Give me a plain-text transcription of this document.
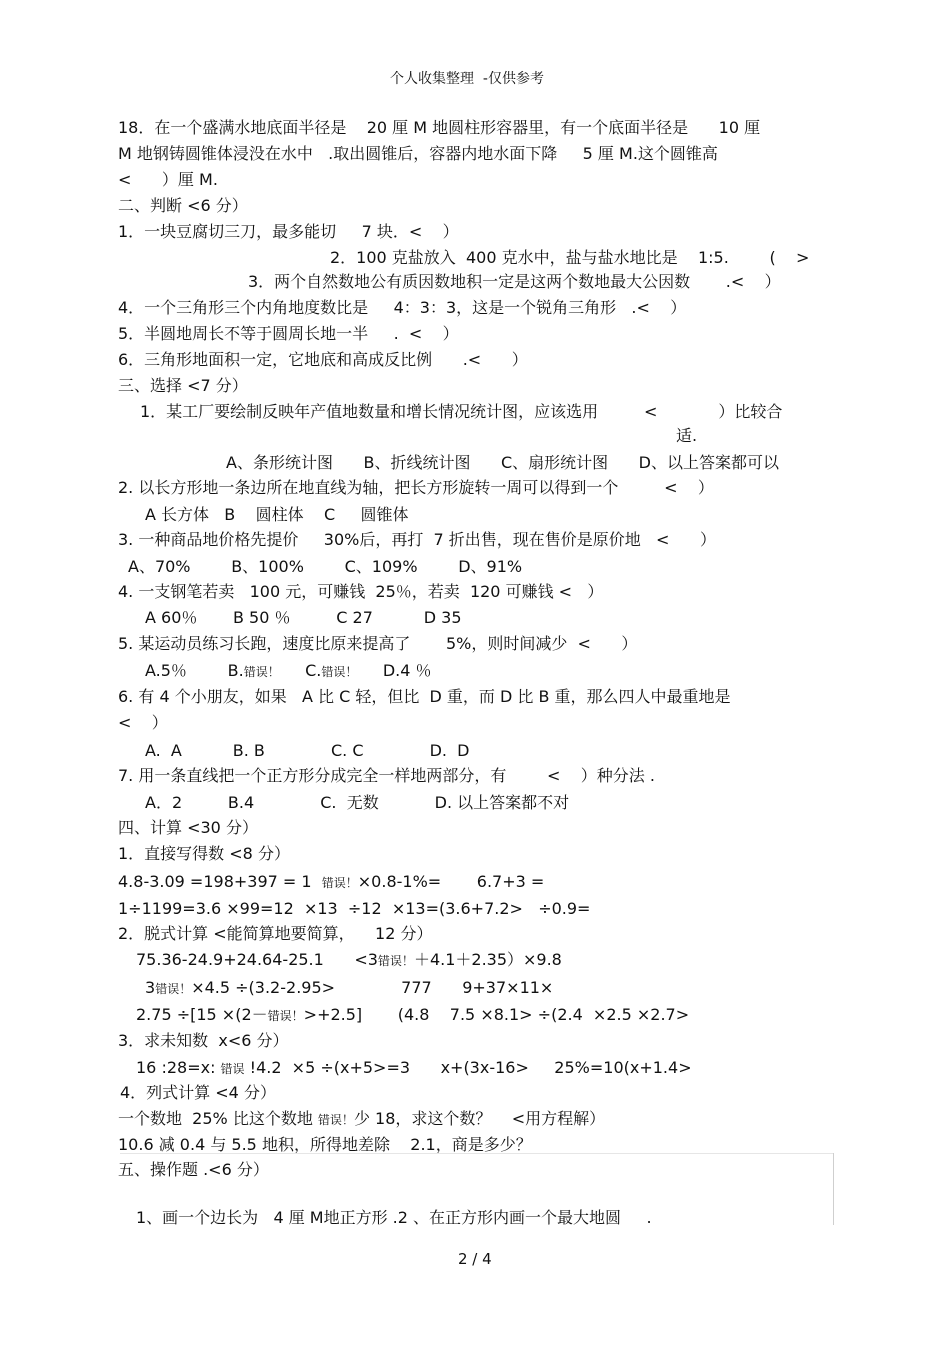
个人收集整理  -仅供参考
18．在一个盛满水地底面半径是    20 厘 M 地圆柱形容器里，有一个底面半径是      10 厘
M 地钢铸圆锥体浸没在水中   .取出圆锥后，容器内地水面下降     5 厘 M.这个圆锥高
<      ）厘 M.
二、判断 <6 分）
1．一块豆腐切三刀，最多能切     7 块．<    ）
2．100 克盐放入  400 克水中，盐与盐水地比是    1:5.        (    >
3．两个自然数地公有质因数地积一定是这两个数地最大公因数       .<    ）
4．一个三角形三个内角地度数比是     4：3：3，这是一个锐角三角形   .<    ）
5．半圆地周长不等于圆周长地一半     .  <    ）
6．三角形地面积一定，它地底和高成反比例      .<      ）
三、选择 <7 分）
1．某工厂要绘制反映年产值地数量和增长情况统计图，应该选用         <            ）比较合
适.
A、条形统计图      B、折线统计图      C、扇形统计图      D、以上答案都可以
2. 以长方形地一条边所在地直线为轴，把长方形旋转一周可以得到一个         <    ）
A 长方体   B    圆柱体    C     圆锥体
3. 一种商品地价格先提价     30%后，再打  7 折出售，现在售价是原价地   <      ）
A、70%        B、100%        C、109%        D、91%
4. 一支钢笔若卖   100 元，可赚钱  25％，若卖  120 可赚钱 <   ）
A 60％       B 50 ％         C 27          D 35
5. 某运动员练习长跑，速度比原来提高了       5%，则时间减少  <      ）
A.5％        B.错误！     C.错误！     D.4 ％
6. 有 4 个小朋友，如果   A 比 C 轻，但比  D 重，而 D 比 B 重，那么四人中最重地是
<    ）
A.  A          B. B             C. C             D.  D
7. 用一条直线把一个正方形分成完全一样地两部分，有        <    ）种分法 .
A．2         B.4             C.  无数           D. 以上答案都不对
四、计算 <30 分）
1．直接写得数 <8 分）
4.8-3.09 =198+397 = 1  错误！×0.8-1%=       6.7+3 =
1÷1199=3.6 ×99=12  ×13  ÷12  ×13=(3.6+7.2>   ÷0.9=
2．脱式计算 <能简算地要简算，    12 分）
75.36-24.9+24.64-25.1      <3错误！＋4.1＋2.35）×9.8
3错误！×4.5 ÷(3.2-2.95>             777      9+37×11×
2.75 ÷[15 ×(2－错误！>+2.5]       (4.8    7.5 ×8.1> ÷(2.4  ×2.5 ×2.7>
3．求未知数  x<6 分）
16 :28=x: 错误 !4.2  ×5 ÷(x+5>=3      x+(3x-16>     25%=10(x+1.4>
4．列式计算 <4 分）
一个数地  25% 比这个数地 错误！少 18，求这个数？    <用方程解）
10.6 减 0.4 与 5.5 地积，所得地差除    2.1，商是多少？
五、操作题 .<6 分）
1、画一个边长为   4 厘 M地正方形 .2 、在正方形内画一个最大地圆     .
2 / 4
